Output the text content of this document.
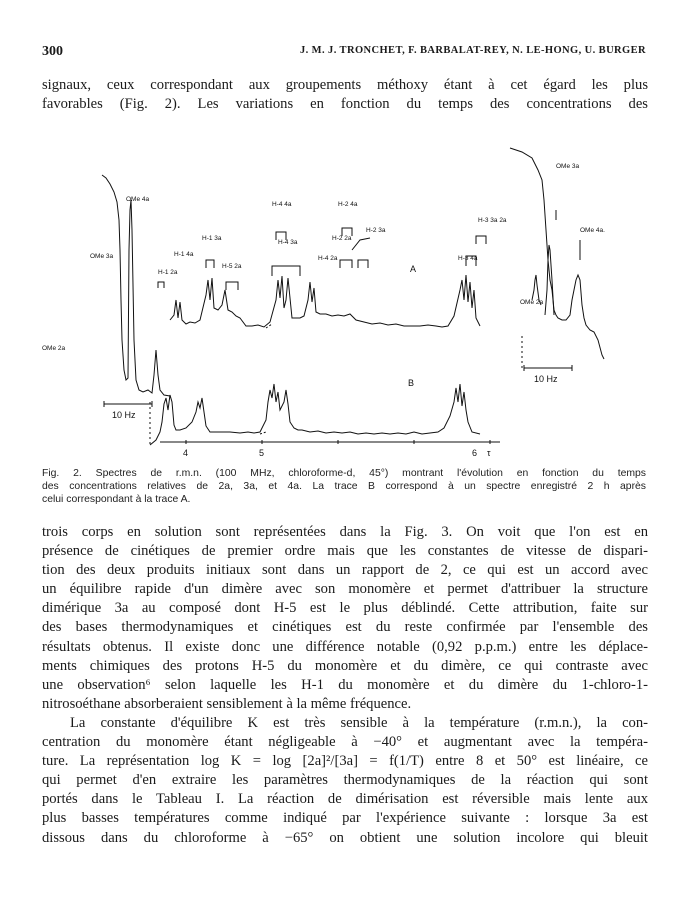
300	J. M. J. TRONCHET, F. BARBALAT-REY, N. LE-HONG, U. BURGER
signaux, ceux correspondant aux groupements méthoxy étant à cet égard les plus
favorables (Fig. 2). Les variations en fonction du temps des concentrations des
OMe 4a
OMe 3a
OMe 2a
H-1 3a
H-1 4a
H-1 2a
H-5 2a
H-4 4a
H-4 3a
H-2 4a
H-2 2a
H-2 3a
H-4 2a
H-3 3a 2a
H-3 4a
OMe 3a
OMe 4a.
OMe 2a
A
B
10 Hz
10 Hz
4	5	6 τ
Fig. 2. Spectres de r.m.n. (100 MHz, chloroforme-d, 45°) montrant l'évolution en fonction du temps
des concentrations relatives de 2a, 3a, et 4a. La trace B correspond à un spectre enregistré 2 h après
celui correspondant à la trace A.
trois corps en solution sont représentées dans la Fig. 3. On voit que l'on est en
présence de cinétiques de premier ordre mais que les constantes de vitesse de dispari-
tion des deux produits initiaux sont dans un rapport de 2, ce qui est un accord avec
un équilibre rapide d'un dimère avec son monomère et permet d'attribuer la structure
dimérique 3a au composé dont H-5 est le plus déblindé. Cette attribution, faite sur
des bases thermodynamiques et cinétiques est du reste confirmée par l'ensemble des
résultats obtenus. Il existe donc une différence notable (0,92 p.p.m.) entre les déplace-
ments chimiques des protons H-5 du monomère et du dimère, ce qui contraste avec
une observation⁶ selon laquelle les H-1 du monomère et du dimère du 1-chloro-1-
nitrosoéthane absorberaient sensiblement à la même fréquence.
La constante d'équilibre K est très sensible à la température (r.m.n.), la con-
centration du monomère étant négligeable à −40° et augmentant avec la tempéra-
ture. La représentation log K = log [2a]²/[3a] = f(1/T) entre 8 et 50° est linéaire, ce
qui permet d'en extraire les paramètres thermodynamiques de la réaction qui sont
portés dans le Tableau I. La réaction de dimérisation est réversible mais lente aux
plus basses températures comme indiqué par l'expérience suivante : lorsque 3a est
dissous dans du chloroforme à −65° on obtient une solution incolore qui bleuit
